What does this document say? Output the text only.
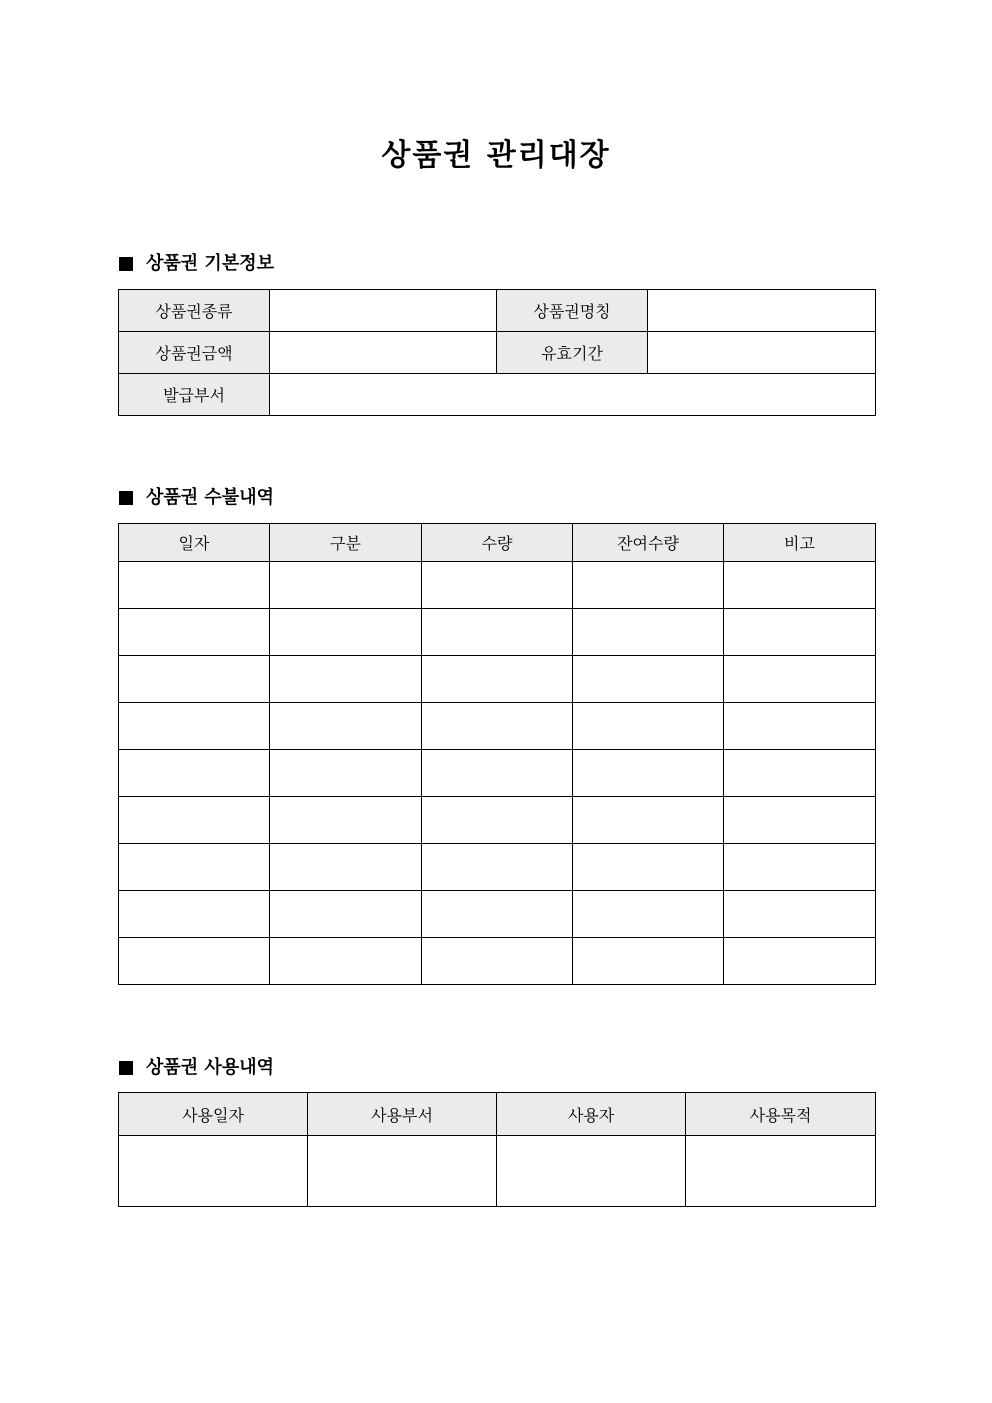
상품권 관리대장
상품권 기본정보
상품권종류		상품권명칭	
상품권금액		유효기간	
발급부서			
상품권 수불내역
일자	구분	수량	잔여수량	비고

상품권 사용내역
사용일자	사용부서	사용자	사용목적
